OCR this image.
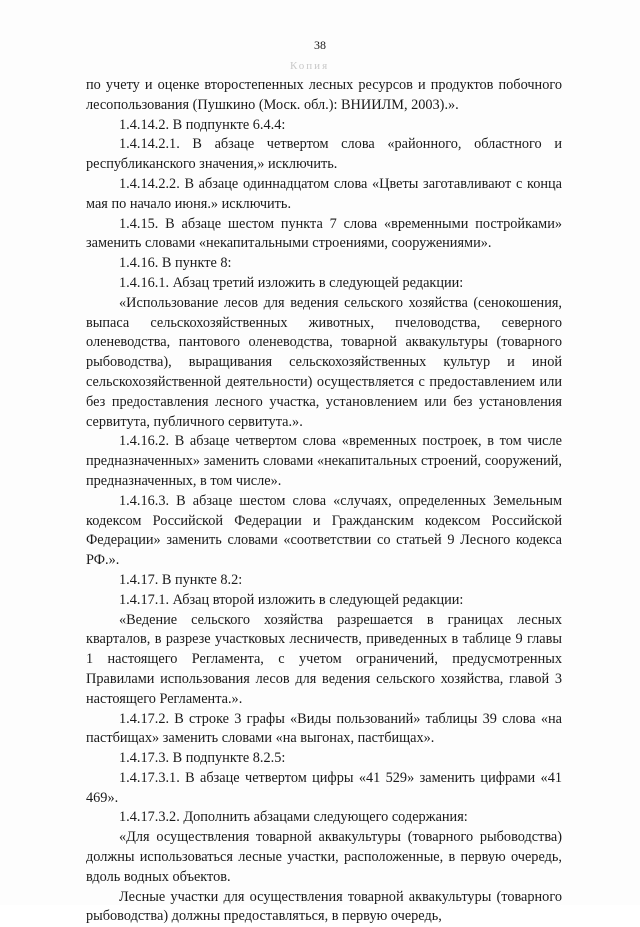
38
Копия

по учету и оценке второстепенных лесных ресурсов и продуктов побочного лесопользования (Пушкино (Моск. обл.): ВНИИЛМ, 2003).».

1.4.14.2. В подпункте 6.4.4:

1.4.14.2.1. В абзаце четвертом слова «районного, областного и республиканского значения,» исключить.

1.4.14.2.2. В абзаце одиннадцатом слова «Цветы заготавливают с конца мая по начало июня.» исключить.

1.4.15. В абзаце шестом пункта 7 слова «временными постройками» заменить словами «некапитальными строениями, сооружениями».

1.4.16. В пункте 8:

1.4.16.1. Абзац третий изложить в следующей редакции:

«Использование лесов для ведения сельского хозяйства (сенокошения, выпаса сельскохозяйственных животных, пчеловодства, северного оленеводства, пантового оленеводства, товарной аквакультуры (товарного рыбоводства), выращивания сельскохозяйственных культур и иной сельскохозяйственной деятельности) осуществляется с предоставлением или без предоставления лесного участка, установлением или без установления сервитута, публичного сервитута.».

1.4.16.2. В абзаце четвертом слова «временных построек, в том числе предназначенных» заменить словами «некапитальных строений, сооружений, предназначенных, в том числе».

1.4.16.3. В абзаце шестом слова «случаях, определенных Земельным кодексом Российской Федерации и Гражданским кодексом Российской Федерации» заменить словами «соответствии со статьей 9 Лесного кодекса РФ.».

1.4.17. В пункте 8.2:

1.4.17.1. Абзац второй изложить в следующей редакции:

«Ведение сельского хозяйства разрешается в границах лесных кварталов, в разрезе участковых лесничеств, приведенных в таблице 9 главы 1 настоящего Регламента, с учетом ограничений, предусмотренных Правилами использования лесов для ведения сельского хозяйства, главой 3 настоящего Регламента.».

1.4.17.2. В строке 3 графы «Виды пользований» таблицы 39 слова «на пастбищах» заменить словами «на выгонах, пастбищах».

1.4.17.3. В подпункте 8.2.5:

1.4.17.3.1. В абзаце четвертом цифры «41 529» заменить цифрами «41 469».

1.4.17.3.2. Дополнить абзацами следующего содержания:

«Для осуществления товарной аквакультуры (товарного рыбоводства) должны использоваться лесные участки, расположенные, в первую очередь, вдоль водных объектов.

Лесные участки для осуществления товарной аквакультуры (товарного рыбоводства) должны предоставляться, в первую очередь,
